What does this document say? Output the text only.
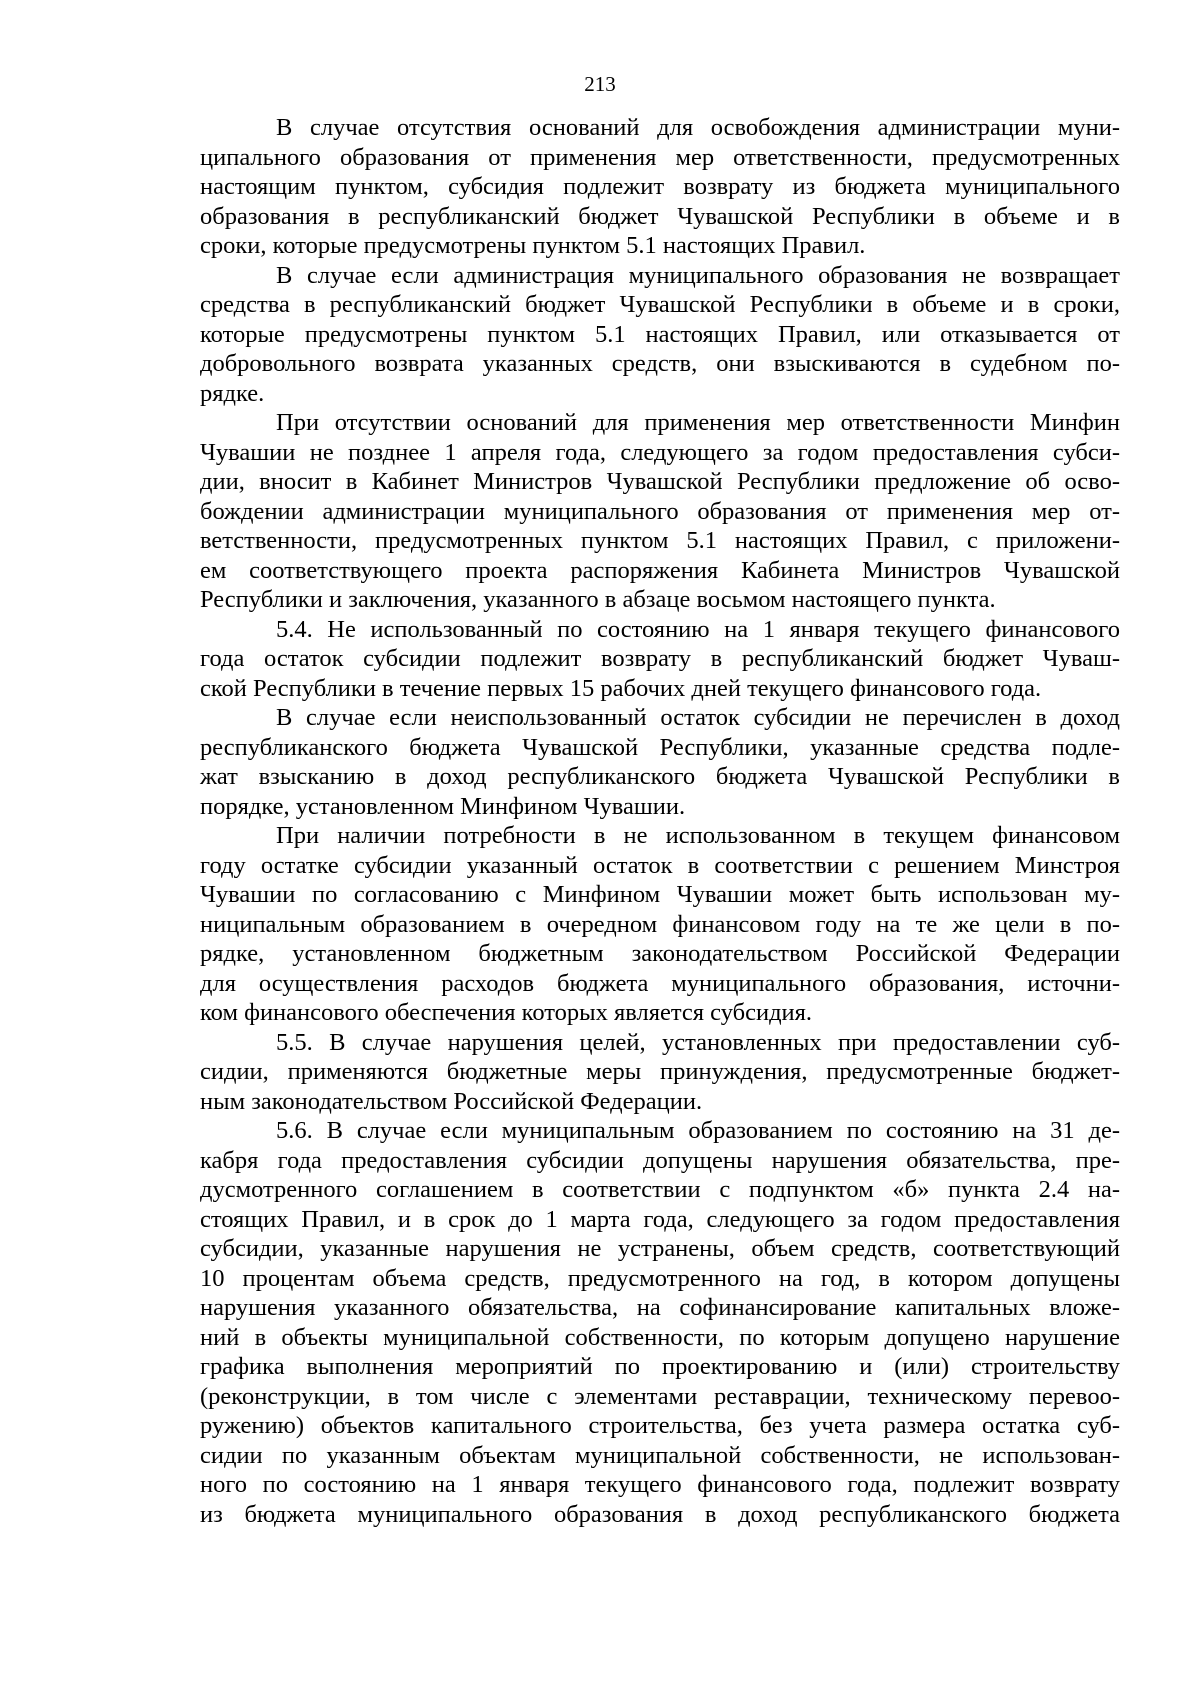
213
В случае отсутствия оснований для освобождения администрации муни-
ципального образования от применения мер ответственности, предусмотренных
настоящим пунктом, субсидия подлежит возврату из бюджета муниципального
образования в республиканский бюджет Чувашской Республики в объеме и в
сроки, которые предусмотрены пунктом 5.1 настоящих Правил.
В случае если администрация муниципального образования не возвращает
средства в республиканский бюджет Чувашской Республики в объеме и в сроки,
которые предусмотрены пунктом 5.1 настоящих Правил, или отказывается от
добровольного возврата указанных средств, они взыскиваются в судебном по-
рядке.
При отсутствии оснований для применения мер ответственности Минфин
Чувашии не позднее 1 апреля года, следующего за годом предоставления субси-
дии, вносит в Кабинет Министров Чувашской Республики предложение об осво-
бождении администрации муниципального образования от применения мер от-
ветственности, предусмотренных пунктом 5.1 настоящих Правил, с приложени-
ем соответствующего проекта распоряжения Кабинета Министров Чувашской
Республики и заключения, указанного в абзаце восьмом настоящего пункта.
5.4. Не использованный по состоянию на 1 января текущего финансового
года остаток субсидии подлежит возврату в республиканский бюджет Чуваш-
ской Республики в течение первых 15 рабочих дней текущего финансового года.
В случае если неиспользованный остаток субсидии не перечислен в доход
республиканского бюджета Чувашской Республики, указанные средства подле-
жат взысканию в доход республиканского бюджета Чувашской Республики в
порядке, установленном Минфином Чувашии.
При наличии потребности в не использованном в текущем финансовом
году остатке субсидии указанный остаток в соответствии с решением Минстроя
Чувашии по согласованию с Минфином Чувашии может быть использован му-
ниципальным образованием в очередном финансовом году на те же цели в по-
рядке, установленном бюджетным законодательством Российской Федерации
для осуществления расходов бюджета муниципального образования, источни-
ком финансового обеспечения которых является субсидия.
5.5. В случае нарушения целей, установленных при предоставлении суб-
сидии, применяются бюджетные меры принуждения, предусмотренные бюджет-
ным законодательством Российской Федерации.
5.6. В случае если муниципальным образованием по состоянию на 31 де-
кабря года предоставления субсидии допущены нарушения обязательства, пре-
дусмотренного соглашением в соответствии с подпунктом «б» пункта 2.4 на-
стоящих Правил, и в срок до 1 марта года, следующего за годом предоставления
субсидии, указанные нарушения не устранены, объем средств, соответствующий
10 процентам объема средств, предусмотренного на год, в котором допущены
нарушения указанного обязательства, на софинансирование капитальных вложе-
ний в объекты муниципальной собственности, по которым допущено нарушение
графика выполнения мероприятий по проектированию и (или) строительству
(реконструкции, в том числе с элементами реставрации, техническому перевоо-
ружению) объектов капитального строительства, без учета размера остатка суб-
сидии по указанным объектам муниципальной собственности, не использован-
ного по состоянию на 1 января текущего финансового года, подлежит возврату
из бюджета муниципального образования в доход республиканского бюджета
